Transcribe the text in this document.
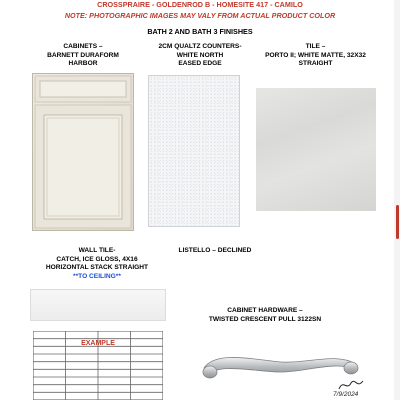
CROSSPRAIRE - GOLDENROD B - HOMESITE 417 - CAMILO
NOTE: PHOTOGRAPHIC IMAGES MAY VALY FROM ACTUAL PRODUCT COLOR
BATH 2 AND BATH 3 FINISHES
CABINETS –
BARNETT DURAFORM
HARBOR
2CM QUALTZ COUNTERS-
WHITE NORTH
EASED EDGE
TILE –
PORTO II; WHITE MATTE, 32X32
STRAIGHT
WALL TILE-
CATCH, ICE GLOSS, 4X16
HORIZONTAL STACK STRAIGHT
**TO CEILING**
LISTELLO – DECLINED
EXAMPLE
CABINET HARDWARE –
TWISTED CRESCENT PULL 3122SN
7/9/2024
